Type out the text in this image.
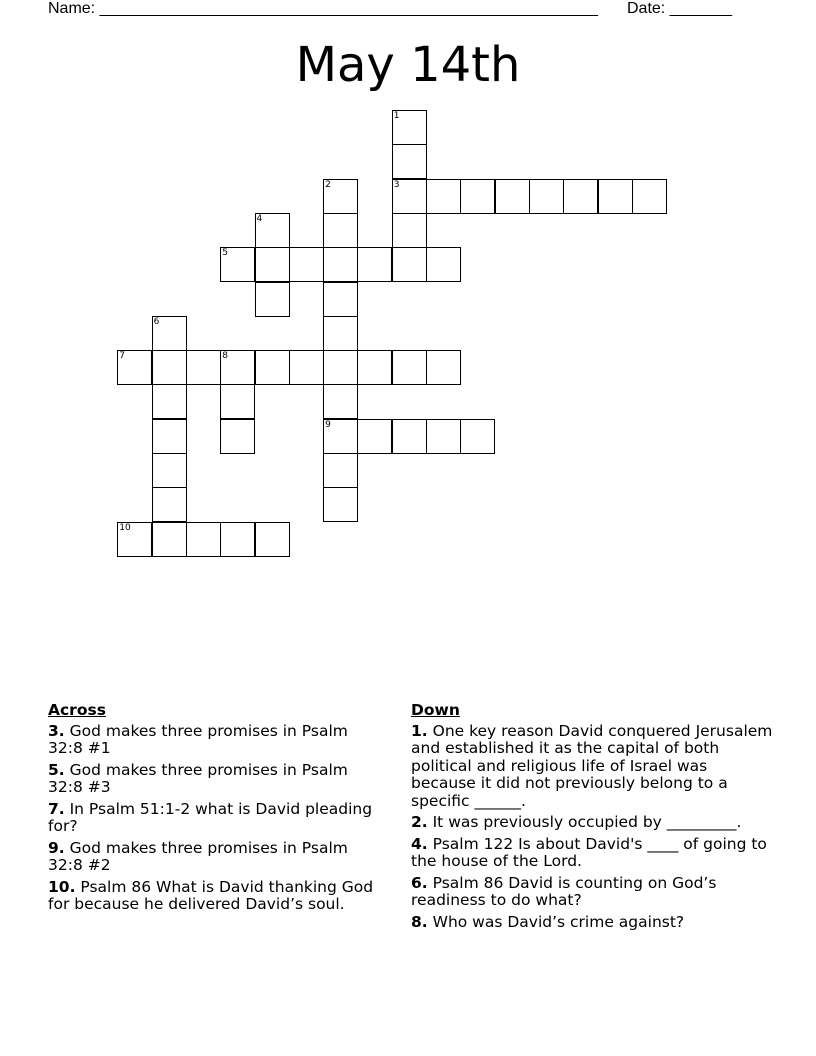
Name: ________________________________________________________ Date: _______
May 14th
1
2	3
4
5
6
7	8
9
10
Across
3. God makes three promises in Psalm 32:8 #1
5. God makes three promises in Psalm 32:8 #3
7. In Psalm 51:1-2 what is David pleading for?
9. God makes three promises in Psalm 32:8 #2
10. Psalm 86 What is David thanking God for because he delivered David’s soul.
Down
1. One key reason David conquered Jerusalem and established it as the capital of both political and religious life of Israel was because it did not previously belong to a specific ______.
2. It was previously occupied by _________.
4. Psalm 122 Is about David's ____ of going to the house of the Lord.
6. Psalm 86 David is counting on God’s readiness to do what?
8. Who was David’s crime against?
